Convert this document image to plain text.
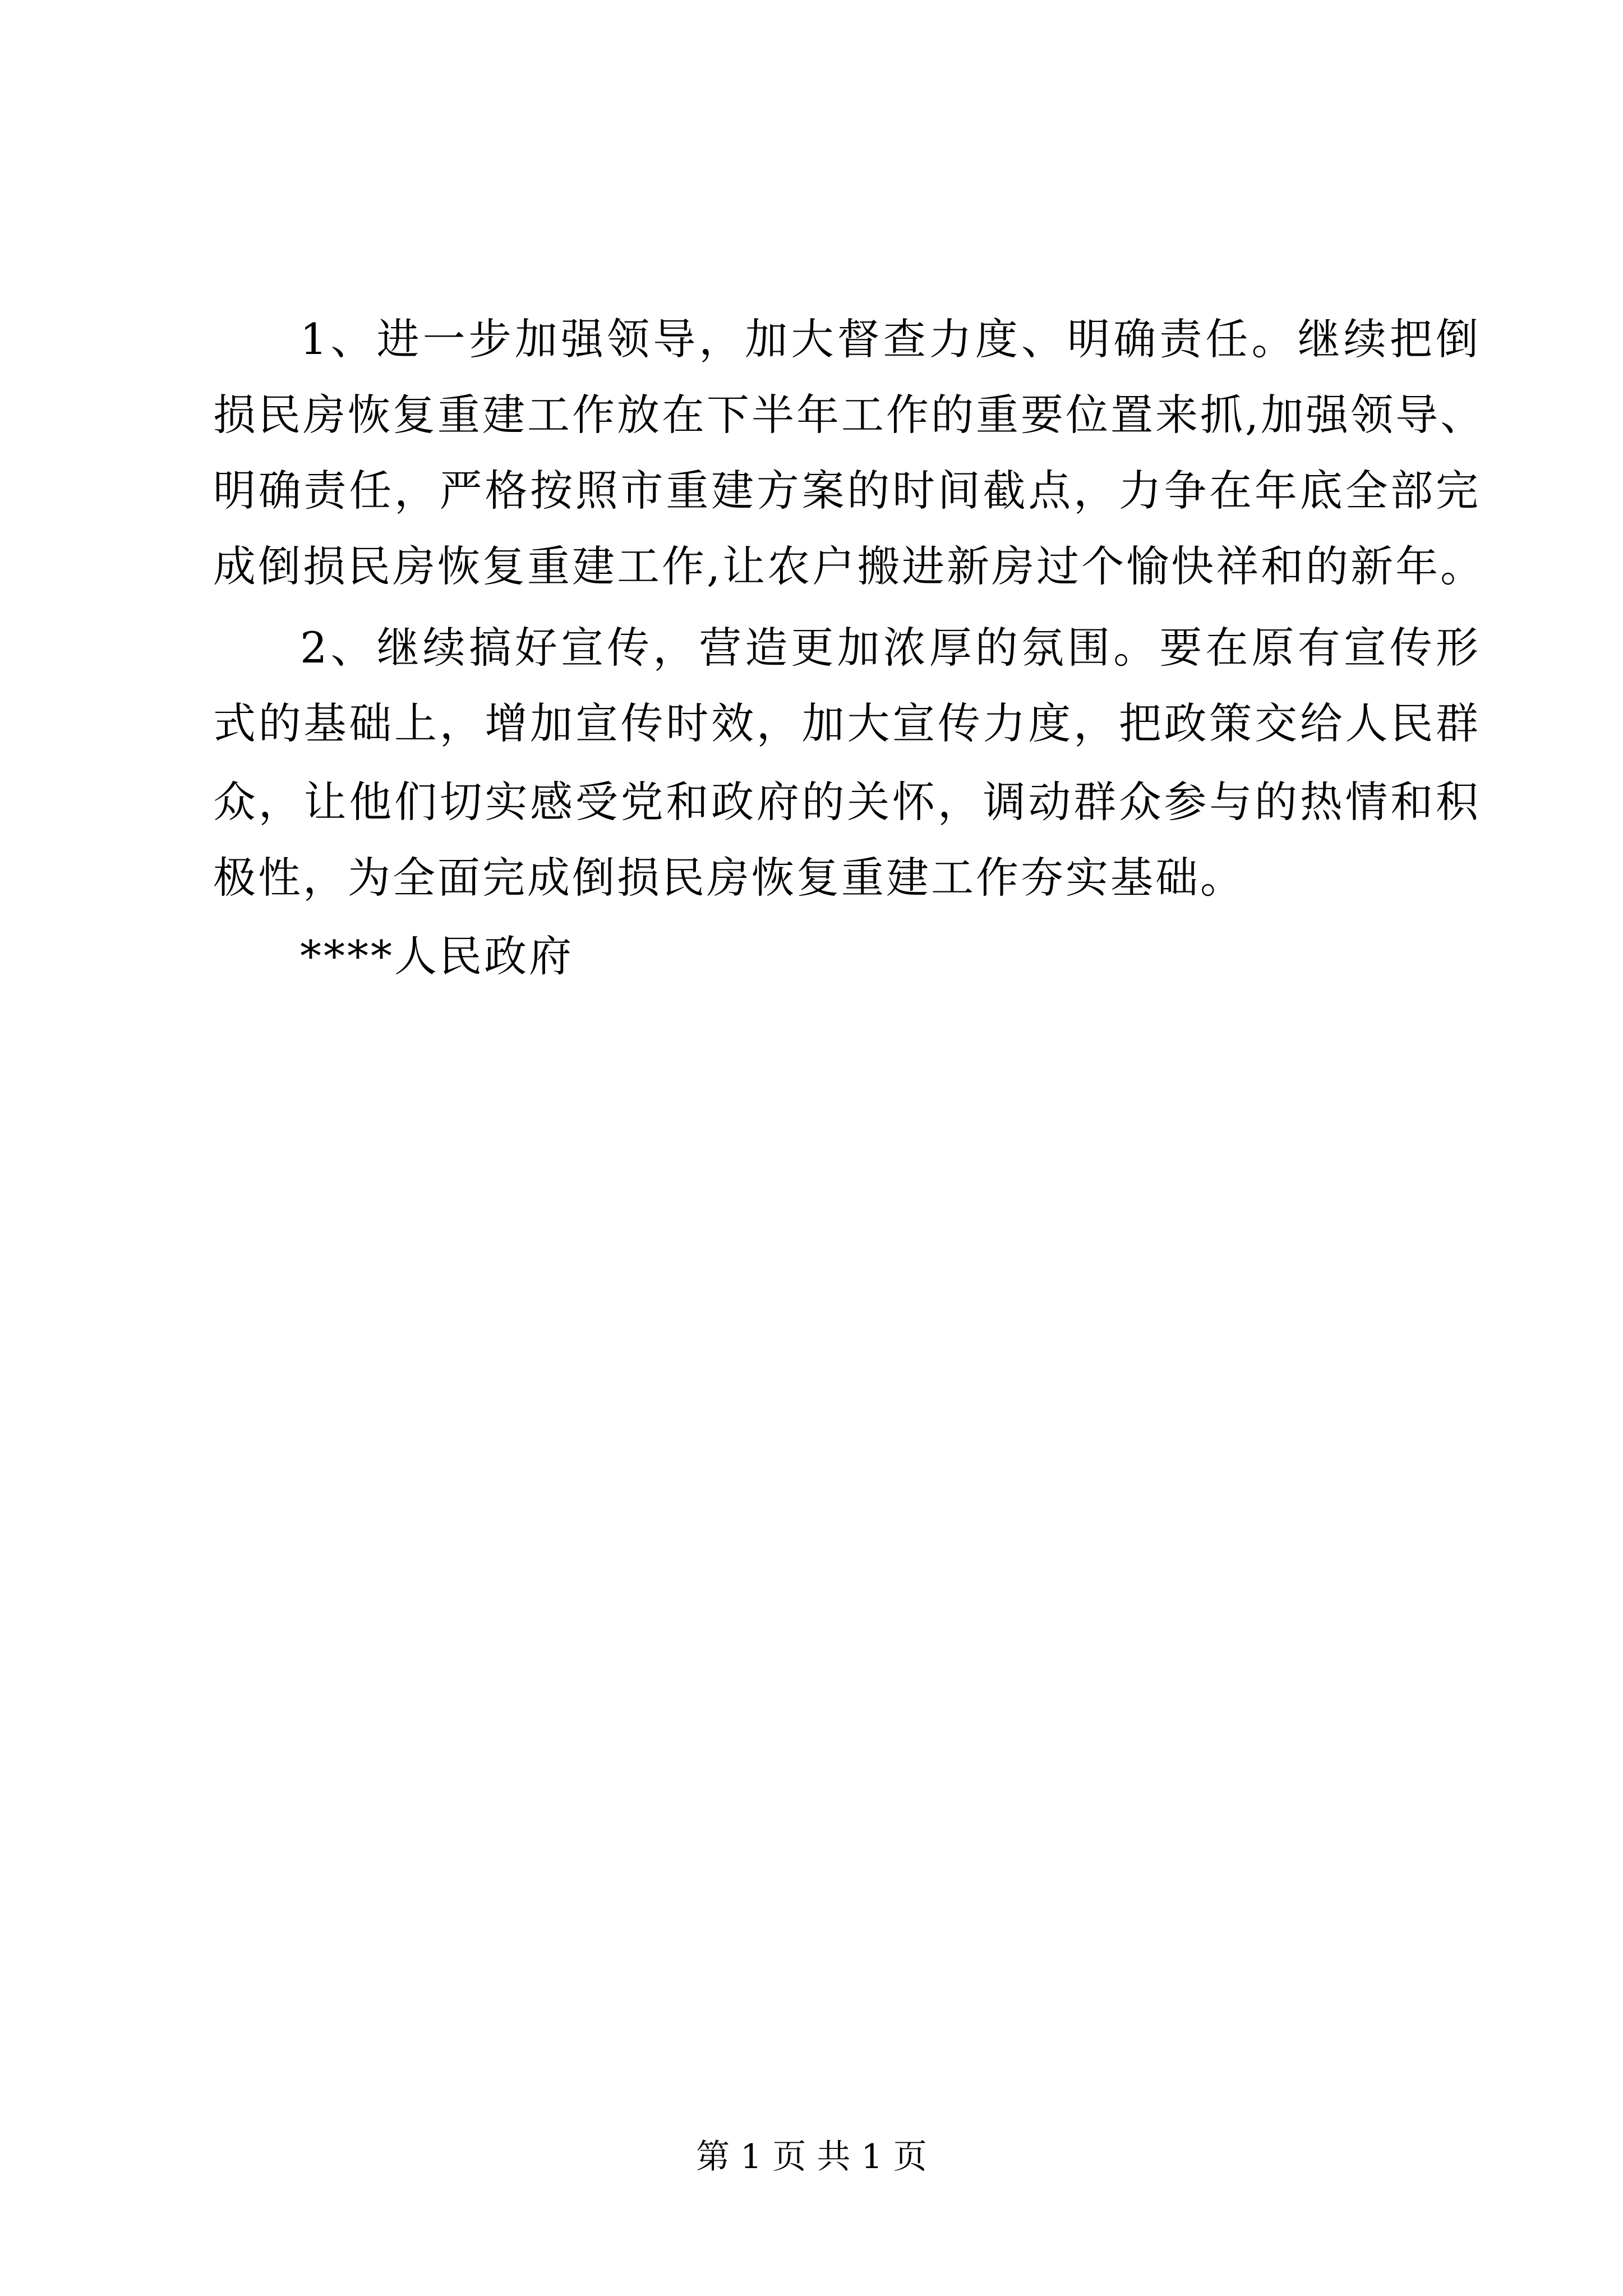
1、进一步加强领导，加大督查力度、明确责任。继续把倒

损民房恢复重建工作放在下半年工作的重要位置来抓,加强领导、

明确责任，严格按照市重建方案的时间截点，力争在年底全部完

成倒损民房恢复重建工作,让农户搬进新房过个愉快祥和的新年。

2、继续搞好宣传，营造更加浓厚的氛围。要在原有宣传形

式的基础上，增加宣传时效，加大宣传力度，把政策交给人民群

众，让他们切实感受党和政府的关怀，调动群众参与的热情和积

极性，为全面完成倒损民房恢复重建工作夯实基础。

****人民政府

第 1 页 共 1 页
